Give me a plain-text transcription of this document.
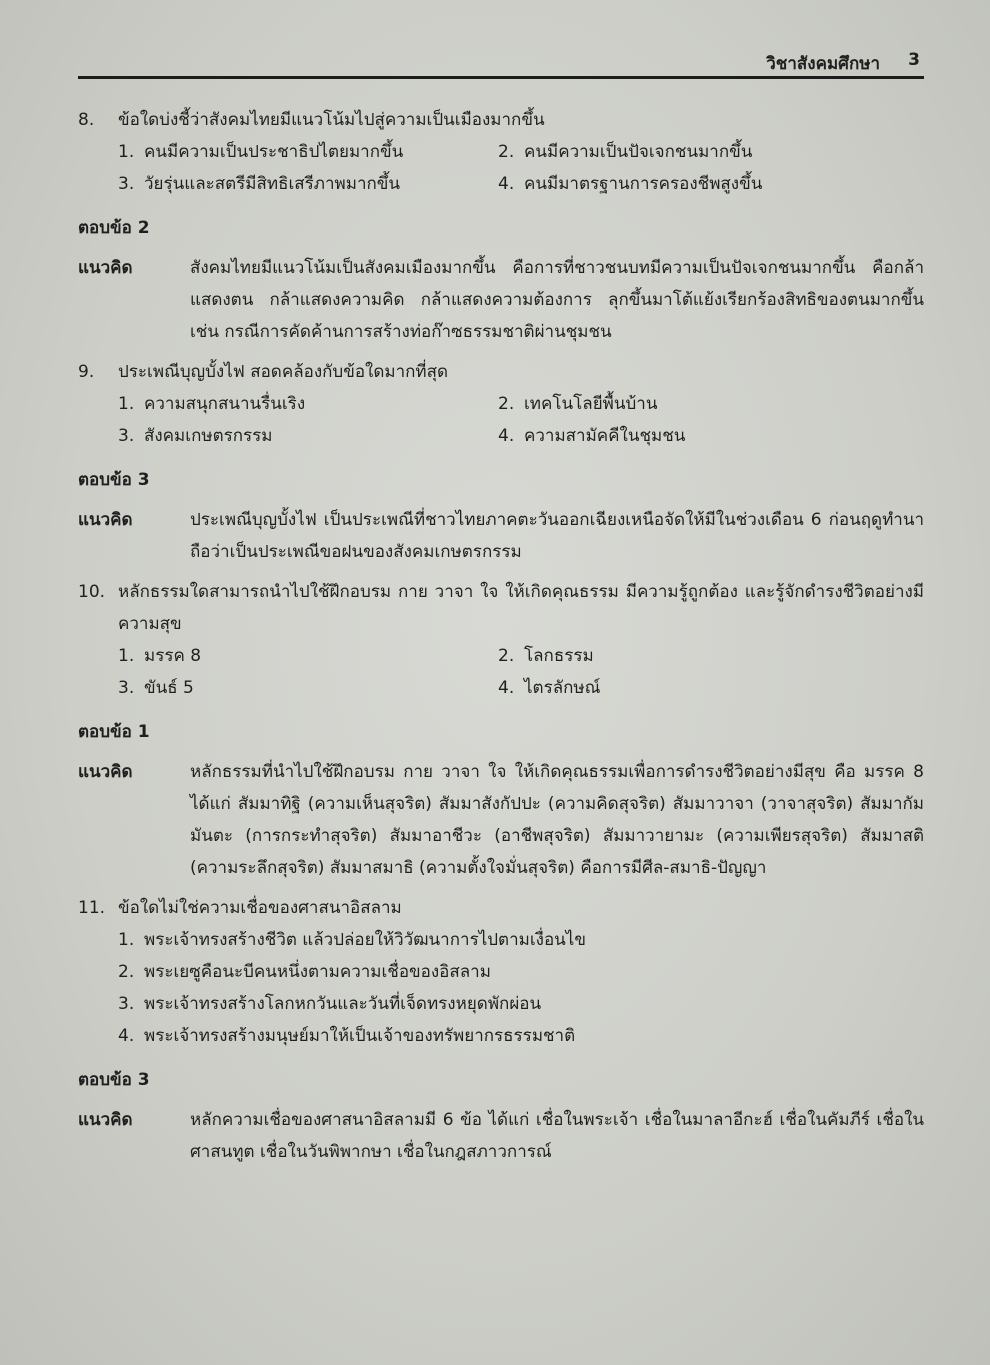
วิชาสังคมศึกษา 3
8.	ข้อใดบ่งชี้ว่าสังคมไทยมีแนวโน้มไปสู่ความเป็นเมืองมากขึ้น
1. คนมีความเป็นประชาธิปไตยมากขึ้น	2. คนมีความเป็นปัจเจกชนมากขึ้น
3. วัยรุ่นและสตรีมีสิทธิเสรีภาพมากขึ้น	4. คนมีมาตรฐานการครองชีพสูงขึ้น
ตอบข้อ 2
แนวคิด	สังคมไทยมีแนวโน้มเป็นสังคมเมืองมากขึ้น คือการที่ชาวชนบทมีความเป็นปัจเจกชนมากขึ้น คือกล้าแสดงตน กล้าแสดงความคิด กล้าแสดงความต้องการ ลุกขึ้นมาโต้แย้งเรียกร้องสิทธิของตนมากขึ้น เช่น กรณีการคัดค้านการสร้างท่อก๊าซธรรมชาติผ่านชุมชน
9.	ประเพณีบุญบั้งไฟ สอดคล้องกับข้อใดมากที่สุด
1. ความสนุกสนานรื่นเริง	2. เทคโนโลยีพื้นบ้าน
3. สังคมเกษตรกรรม	4. ความสามัคคีในชุมชน
ตอบข้อ 3
แนวคิด	ประเพณีบุญบั้งไฟ เป็นประเพณีที่ชาวไทยภาคตะวันออกเฉียงเหนือจัดให้มีในช่วงเดือน 6 ก่อนฤดูทำนา ถือว่าเป็นประเพณีขอฝนของสังคมเกษตรกรรม
10. หลักธรรมใดสามารถนำไปใช้ฝึกอบรม กาย วาจา ใจ ให้เกิดคุณธรรม มีความรู้ถูกต้อง และรู้จักดำรงชีวิตอย่างมีความสุข
1. มรรค 8	2. โลกธรรม
3. ขันธ์ 5	4. ไตรลักษณ์
ตอบข้อ 1
แนวคิด	หลักธรรมที่นำไปใช้ฝึกอบรม กาย วาจา ใจ ให้เกิดคุณธรรมเพื่อการดำรงชีวิตอย่างมีสุข คือ มรรค 8 ได้แก่ สัมมาทิฐิ (ความเห็นสุจริต) สัมมาสังกัปปะ (ความคิดสุจริต) สัมมาวาจา (วาจาสุจริต) สัมมากัมมันตะ (การกระทำสุจริต) สัมมาอาชีวะ (อาชีพสุจริต) สัมมาวายามะ (ความเพียรสุจริต) สัมมาสติ (ความระลึกสุจริต) สัมมาสมาธิ (ความตั้งใจมั่นสุจริต) คือการมีศีล-สมาธิ-ปัญญา
11. ข้อใดไม่ใช่ความเชื่อของศาสนาอิสลาม
1. พระเจ้าทรงสร้างชีวิต แล้วปล่อยให้วิวัฒนาการไปตามเงื่อนไข
2. พระเยซูคือนะบีคนหนึ่งตามความเชื่อของอิสลาม
3. พระเจ้าทรงสร้างโลกหกวันและวันที่เจ็ดทรงหยุดพักผ่อน
4. พระเจ้าทรงสร้างมนุษย์มาให้เป็นเจ้าของทรัพยากรธรรมชาติ
ตอบข้อ 3
แนวคิด	หลักความเชื่อของศาสนาอิสลามมี 6 ข้อ ได้แก่ เชื่อในพระเจ้า เชื่อในมาลาอีกะฮ์ เชื่อในคัมภีร์ เชื่อในศาสนทูต เชื่อในวันพิพากษา เชื่อในกฎสภาวการณ์
